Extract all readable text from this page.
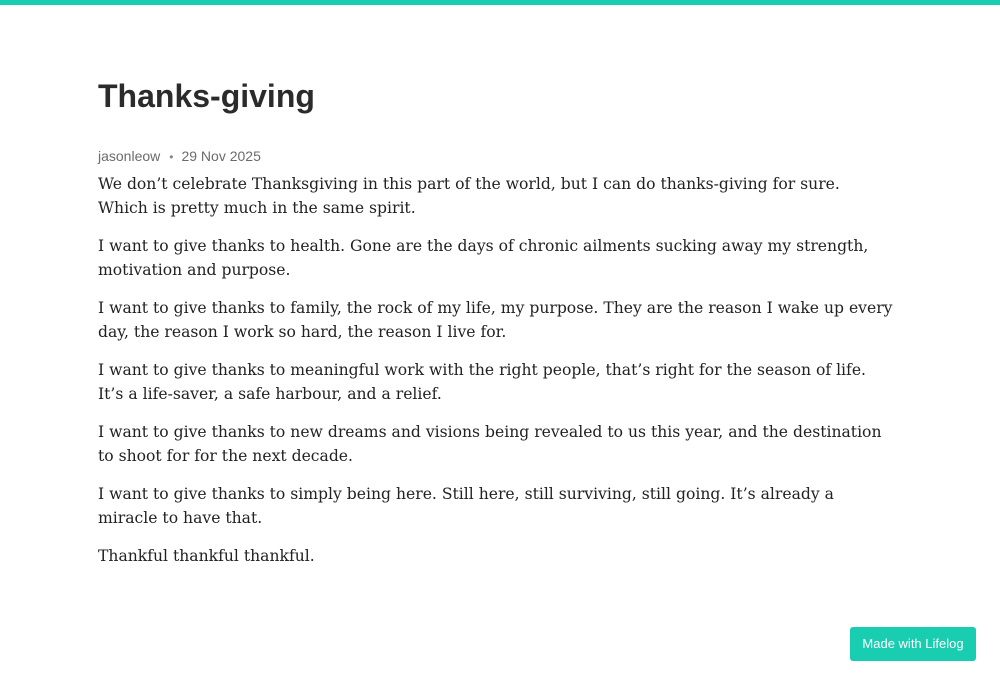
Thanks-giving
jasonleow • 29 Nov 2025

We don’t celebrate Thanksgiving in this part of the world, but I can do thanks-giving for sure. Which is pretty much in the same spirit.

I want to give thanks to health. Gone are the days of chronic ailments sucking away my strength, motivation and purpose.

I want to give thanks to family, the rock of my life, my purpose. They are the reason I wake up every day, the reason I work so hard, the reason I live for.

I want to give thanks to meaningful work with the right people, that’s right for the season of life. It’s a life-saver, a safe harbour, and a relief.

I want to give thanks to new dreams and visions being revealed to us this year, and the destination to shoot for for the next decade.

I want to give thanks to simply being here. Still here, still surviving, still going. It’s already a miracle to have that.

Thankful thankful thankful.

Made with Lifelog
